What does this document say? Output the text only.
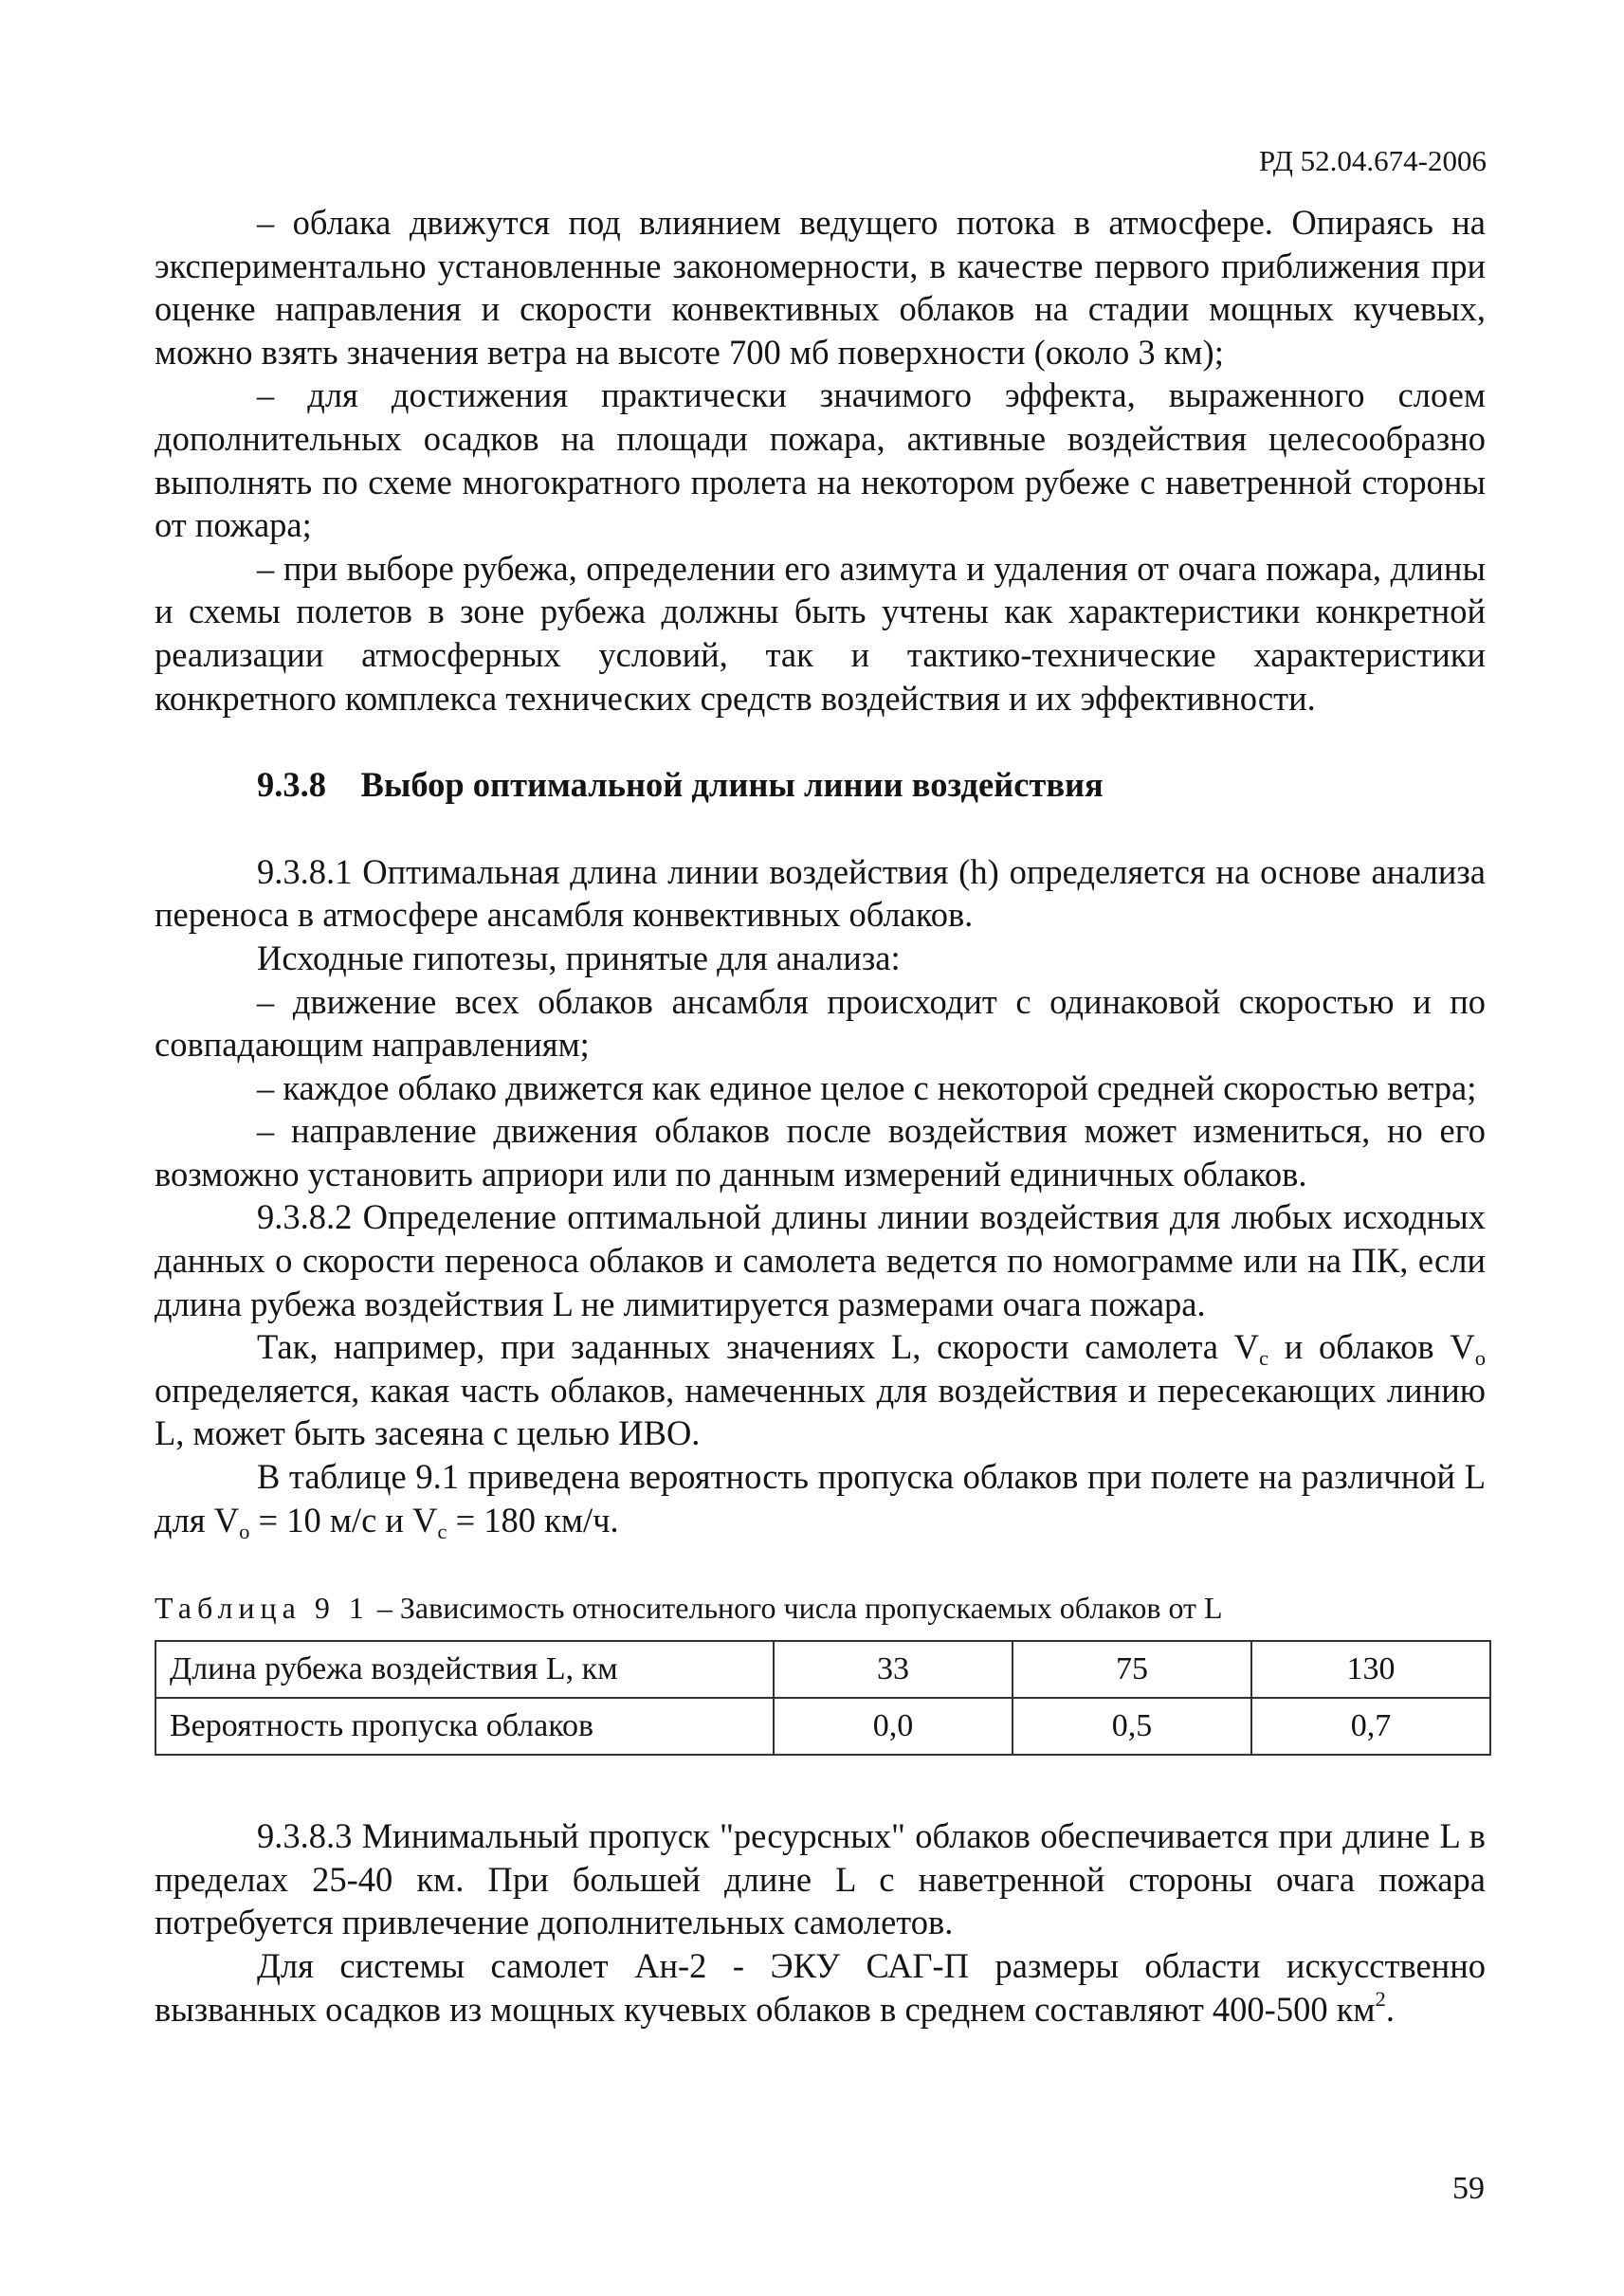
РД 52.04.674-2006

– облака движутся под влиянием ведущего потока в атмосфере. Опираясь на экспериментально установленные закономерности, в качестве первого приближения при оценке направления и скорости конвективных облаков на стадии мощных кучевых, можно взять значения ветра на высоте 700 мб поверхности (около 3 км);

– для достижения практически значимого эффекта, выраженного слоем дополнительных осадков на площади пожара, активные воздействия целесообразно выполнять по схеме многократного пролета на некотором рубеже с наветренной стороны от пожара;

– при выборе рубежа, определении его азимута и удаления от очага пожара, длины и схемы полетов в зоне рубежа должны быть учтены как характеристики конкретной реализации атмосферных условий, так и тактико-технические характеристики конкретного комплекса технических средств воздействия и их эффективности.

9.3.8 Выбор оптимальной длины линии воздействия

9.3.8.1 Оптимальная длина линии воздействия (h) определяется на основе анализа переноса в атмосфере ансамбля конвективных облаков.

Исходные гипотезы, принятые для анализа:

– движение всех облаков ансамбля происходит с одинаковой скоростью и по совпадающим направлениям;

– каждое облако движется как единое целое с некоторой средней скоростью ветра;

– направление движения облаков после воздействия может измениться, но его возможно установить априори или по данным измерений единичных облаков.

9.3.8.2 Определение оптимальной длины линии воздействия для любых исходных данных о скорости переноса облаков и самолета ведется по номограмме или на ПК, если длина рубежа воздействия L не лимитируется размерами очага пожара.

Так, например, при заданных значениях L, скорости самолета $V_с$ и облаков $V_о$ определяется, какая часть облаков, намеченных для воздействия и пересекающих линию L, может быть засеяна с целью ИВО.

В таблице 9.1 приведена вероятность пропуска облаков при полете на различной L для $V_о = 10$ м/с и $V_с = 180$ км/ч.

Таблица 9 1 – Зависимость относительного числа пропускаемых облаков от L
Длина рубежа воздействия L, км	33	75	130
Вероятность пропуска облаков	0,0	0,5	0,7

9.3.8.3 Минимальный пропуск "ресурсных" облаков обеспечивается при длине L в пределах 25-40 км. При большей длине L с наветренной стороны очага пожара потребуется привлечение дополнительных самолетов.

Для системы самолет Ан-2 - ЭКУ САГ-П размеры области искусственно вызванных осадков из мощных кучевых облаков в среднем составляют 400-500 $км^2$.

59
